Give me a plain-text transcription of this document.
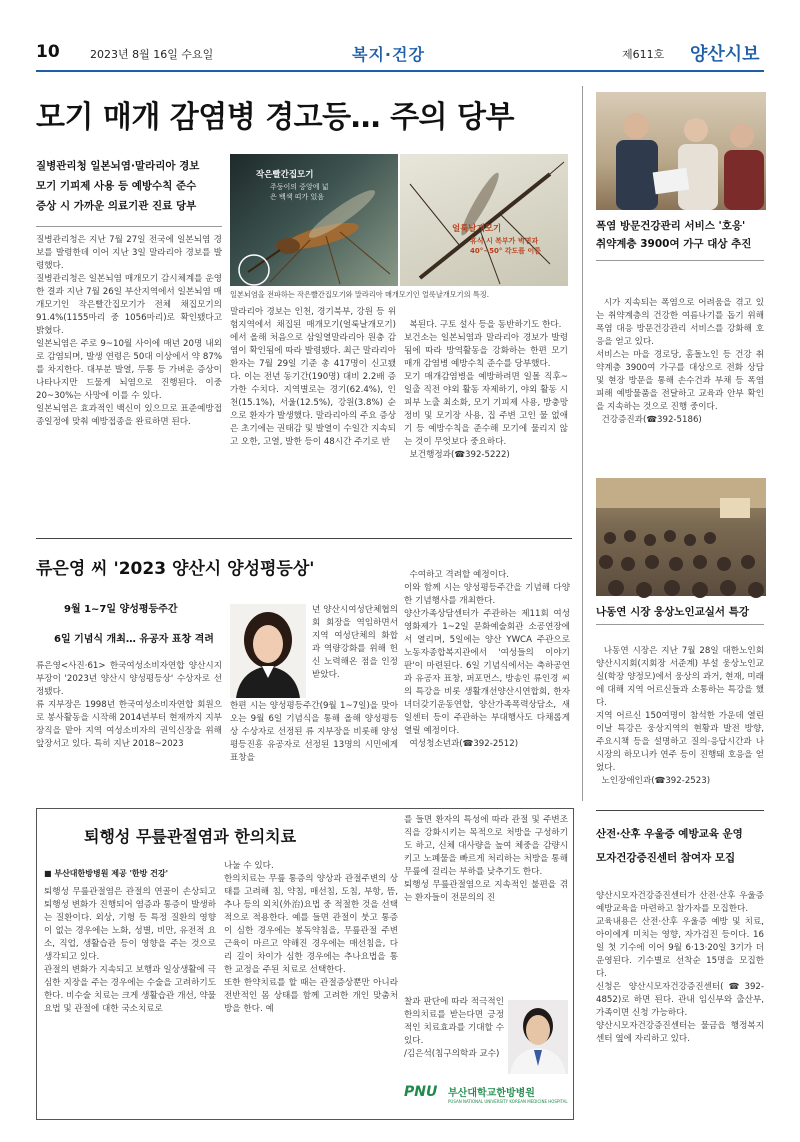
10	2023년 8월 16일 수요일	복지·건강	제611호 양산시보
모기 매개 감염병 경고등… 주의 당부
질병관리청 일본뇌염·말라리아 경보
모기 기피제 사용 등 예방수칙 준수
증상 시 가까운 의료기관 진료 당부
질병관리청은 지난 7월 27일 전국에 일본뇌염 경보를 발령한데 이어 지난 3일 말라리아 경보를 발령했다.
질병관리청은 일본뇌염 매개모기 감시체계를 운영한 결과 지난 7월 26일 부산지역에서 일본뇌염 매개모기인 작은빨간집모기가 전체 채집모기의 91.4%(1155마리 중 1056마리)로 확인됐다고 밝혔다.
일본뇌염은 주로 9~10월 사이에 매년 20명 내외로 감염되며, 발생 연령은 50대 이상에서 약 87%를 차지한다. 대부분 발열, 두통 등 가벼운 증상이 나타나지만 드물게 뇌염으로 진행된다. 이중 20~30%는 사망에 이를 수 있다.
일본뇌염은 효과적인 백신이 있으므로 표준예방접종일정에 맞춰 예방접종을 완료하면 된다.
작은빨간집모기
주둥이의 중앙에 넓은 백색 띠가 있음
얼룩날개모기
휴식 시 복부가 벽면과 40°~50° 각도를 이룸
일본뇌염을 전파하는 작은빨간집모기와 말라리아 매개모기인 얼룩날개모기의 특징.
말라리아 경보는 인천, 경기북부, 강원 등 위험지역에서 채집된 매개모기(얼룩날개모기)에서 올해 처음으로 삼일열말라리아 원충 감염이 확인됨에 따라 발령됐다. 최근 말라리아 환자는 7월 29일 기준 총 417명이 신고됐다. 이는 전년 동기간(190명) 대비 2.2배 증가한 수치다. 지역별로는 경기(62.4%), 인천(15.1%), 서울(12.5%), 강원(3.8%) 순으로 환자가 발생했다. 말라리아의 주요 증상은 초기에는 권태감 및 발열이 수일간 지속되고 오한, 고열, 발한 등이 48시간 주기로 반

복된다. 구토 설사 등을 동반하기도 한다.
보건소는 일본뇌염과 말라리아 경보가 발령됨에 따라 방역활동을 강화하는 한편 모기 매개 감염병 예방수칙 준수를 당부했다.
모기 매개감염병을 예방하려면 일몰 직후~일출 직전 야외 활동 자제하기, 야외 활동 시 피부 노출 최소화, 모기 기피제 사용, 방충망 정비 및 모기장 사용, 집 주변 고인 물 없애기 등 예방수칙을 준수해 모기에 물리지 않는 것이 무엇보다 중요하다.
보건행정과(☎392-5222)

폭염 방문건강관리 서비스 '호응'
취약계층 3900여 가구 대상 추진

시가 지속되는 폭염으로 어려움을 겪고 있는 취약계층의 건강한 여름나기를 돕기 위해 폭염 대응 방문건강관리 서비스를 강화해 호응을 얻고 있다.
서비스는 마을 경로당, 홈돌노인 등 건강 취약계층 3900여 가구를 대상으로 전화 상담 및 현장 방문을 통해 손수건과 부채 등 폭염피해 예방물품을 전달하고 교육과 안부 확인을 지속하는 것으로 진행 중이다.
건강증진과(☎392-5186)

나동연 시장 웅상노인교실서 특강

나동연 시장은 지난 7월 28일 대한노인회 양산시지회(지회장 서준계) 부설 웅상노인교실(학장 양정모)에서 웅상의 과거, 현재, 미래에 대해 지역 어르신들과 소통하는 특강을 했다.
지역 어르신 150여명이 참석한 가운데 열린 이날 특강은 웅상지역의 현황과 발전 방향, 주요시책 등을 설명하고 질의·응답시간과 나 시장의 하모니카 연주 등이 진행돼 호응을 얻었다.
노인장애인과(☎392-2523)

류은영 씨 '2023 양산시 양성평등상'
9월 1~7일 양성평등주간
6일 기념식 개최… 유공자 표창 격려
류은영<사진·61> 한국여성소비자연합 양산시지부장이 '2023년 양산시 양성평등상' 수상자로 선정됐다.
류 지부장은 1998년 한국여성소비자연합 회원으로 봉사활동을 시작해 2014년부터 현재까지 지부장직을 맡아 지역 여성소비자의 권익신장을 위해 앞장서고 있다. 특히 지난 2018~2023
년 양산시여성단체협의회 회장을 역임하면서 지역 여성단체의 화합과 역량강화를 위해 헌신 노력해온 점을 인정받았다.
한편 시는 양성평등주간(9월 1~7일)을 맞아 오는 9월 6일 기념식을 통해 올해 양성평등상 수상자로 선정된 류 지부장을 비롯해 양성평등진흥 유공자로 선정된 13명의 시민에게 표창을

수여하고 격려할 예정이다.
이와 함께 시는 양성평등주간을 기념해 다양한 기념행사를 개최한다.
양산가족상담센터가 주관하는 제11회 여성영화제가 1~2일 문화예술회관 소공연장에서 열리며, 5일에는 양산 YWCA 주관으로 노동자종합복지관에서 '여성들의 이야기판'이 마련된다. 6일 기념식에서는 축하공연과 유공자 표창, 퍼포먼스, 방송인 류인경 씨의 특강을 비롯 생활개선양산시연합회, 한자녀더갖기운동연합, 양산가족폭력상담소, 새일센터 등이 주관하는 부대행사도 다채롭게 열릴 예정이다.
여성청소년과(☎392-2512)

퇴행성 무릎관절염과 한의치료
■ 부산대한방병원 제공 '한방 건강'
퇴행성 무릎관절염은 관절의 연골이 손상되고 퇴행성 변화가 진행되어 염증과 통증이 발생하는 질환이다. 외상, 기형 등 특정 질환의 영향이 없는 경우에는 노화, 성별, 비만, 유전적 요소, 직업, 생활습관 등이 영향을 주는 것으로 생각되고 있다.
관절의 변화가 지속되고 보행과 일상생활에 극심한 지장을 주는 경우에는 수술을 고려하기도 한다. 비수술 치료는 크게 생활습관 개선, 약물요법 및 관절에 대한 국소치료로
나눌 수 있다.
한의치료는 무릎 통증의 양상과 관절주변의 상태를 고려해 침, 약침, 매선침, 도침, 부항, 뜸, 추나 등의 외치(外治)요법 중 적절한 것을 선택적으로 적용한다. 예를 들면 관절이 붓고 통증이 심한 경우에는 봉독약침을, 무릎관절 주변 근육이 마르고 약해진 경우에는 매선침을, 다리 길이 차이가 심한 경우에는 추나요법을 통한 교정을 주된 치료로 선택한다.
또한 한약치료를 할 때는 관절증상뿐만 아니라 전반적인 몸 상태를 함께 고려한 개인 맞춤처방을 한다. 예
를 들면 환자의 특성에 따라 관절 및 주변조직을 강화시키는 목적으로 처방을 구성하기도 하고, 신체 대사량을 높여 체중을 감량시키고 노폐물을 빠르게 처리하는 처방을 통해 무릎에 걸리는 부하를 낮추기도 한다.
퇴행성 무릎관절염으로 지속적인 불편을 겪는 환자들이 전문의의 진
찰과 판단에 따라 적극적인 한의치료를 받는다면 긍정적인 치료효과를 기대할 수 있다.
/김은석(침구의학과 교수)
PNU 부산대학교한방병원
PUSAN NATIONAL UNIVERSITY KOREAN MEDICINE HOSPITAL
산전·산후 우울증 예방교육 운영
모자건강증진센터 참여자 모집
양산시모자건강증진센터가 산전·산후 우울증 예방교육을 마련하고 참가자를 모집한다.
교육내용은 산전·산후 우울증 예방 및 치료, 아이에게 미치는 영향, 자가검진 등이다. 16일 첫 기수에 이어 9월 6·13·20일 3기가 더 운영된다. 기수별로 선착순 15명을 모집한다.
신청은 양산시모자건강증진센터(☎392-4852)로 하면 된다. 관내 임신부와 출산부, 가족이면 신청 가능하다.
양산시모자건강증진센터는 물금읍 행정복지센터 옆에 자리하고 있다.
